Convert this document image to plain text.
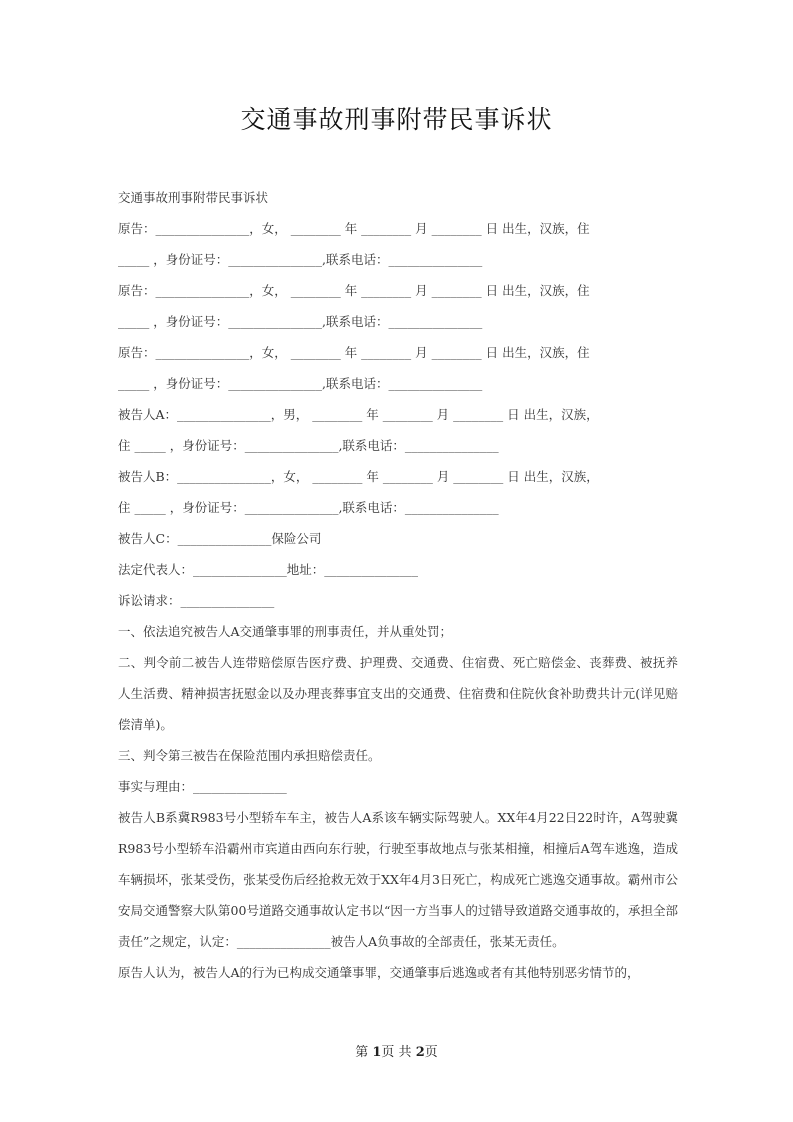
交通事故刑事附带民事诉状
交通事故刑事附带民事诉状
原告：_______________，女， ________ 年 ________ 月 ________ 日 出生，汉族，住
_____ ，身份证号：_______________,联系电话：_______________
原告：_______________，女， ________ 年 ________ 月 ________ 日 出生，汉族，住
_____ ，身份证号：_______________,联系电话：_______________
原告：_______________，女， ________ 年 ________ 月 ________ 日 出生，汉族，住
_____ ，身份证号：_______________,联系电话：_______________
被告人A：_______________，男， ________ 年 ________ 月 ________ 日 出生，汉族，
住 _____ ，身份证号：_______________,联系电话：_______________
被告人B：_______________，女， ________ 年 ________ 月 ________ 日 出生，汉族，
住 _____ ，身份证号：_______________,联系电话：_______________
被告人C：_______________保险公司
法定代表人：_______________地址：_______________
诉讼请求：_______________
一、依法追究被告人A交通肇事罪的刑事责任，并从重处罚；
二、判令前二被告人连带赔偿原告医疗费、护理费、交通费、住宿费、死亡赔偿金、丧葬费、被抚养人生活费、精神损害抚慰金以及办理丧葬事宜支出的交通费、住宿费和住院伙食补助费共计元(详见赔偿清单)。
三、判令第三被告在保险范围内承担赔偿责任。
事实与理由：_______________
被告人B系冀R983号小型轿车车主，被告人A系该车辆实际驾驶人。XX年4月22日22时许，A驾驶冀R983号小型轿车沿霸州市宾道由西向东行驶，行驶至事故地点与张某相撞，相撞后A驾车逃逸，造成车辆损坏，张某受伤，张某受伤后经抢救无效于XX年4月3日死亡，构成死亡逃逸交通事故。霸州市公安局交通警察大队第00号道路交通事故认定书以“因一方当事人的过错导致道路交通事故的，承担全部责任”之规定，认定：_______________被告人A负事故的全部责任，张某无责任。
原告人认为，被告人A的行为已构成交通肇事罪，交通肇事后逃逸或者有其他特别恶劣情节的，
第 1页 共 2页
